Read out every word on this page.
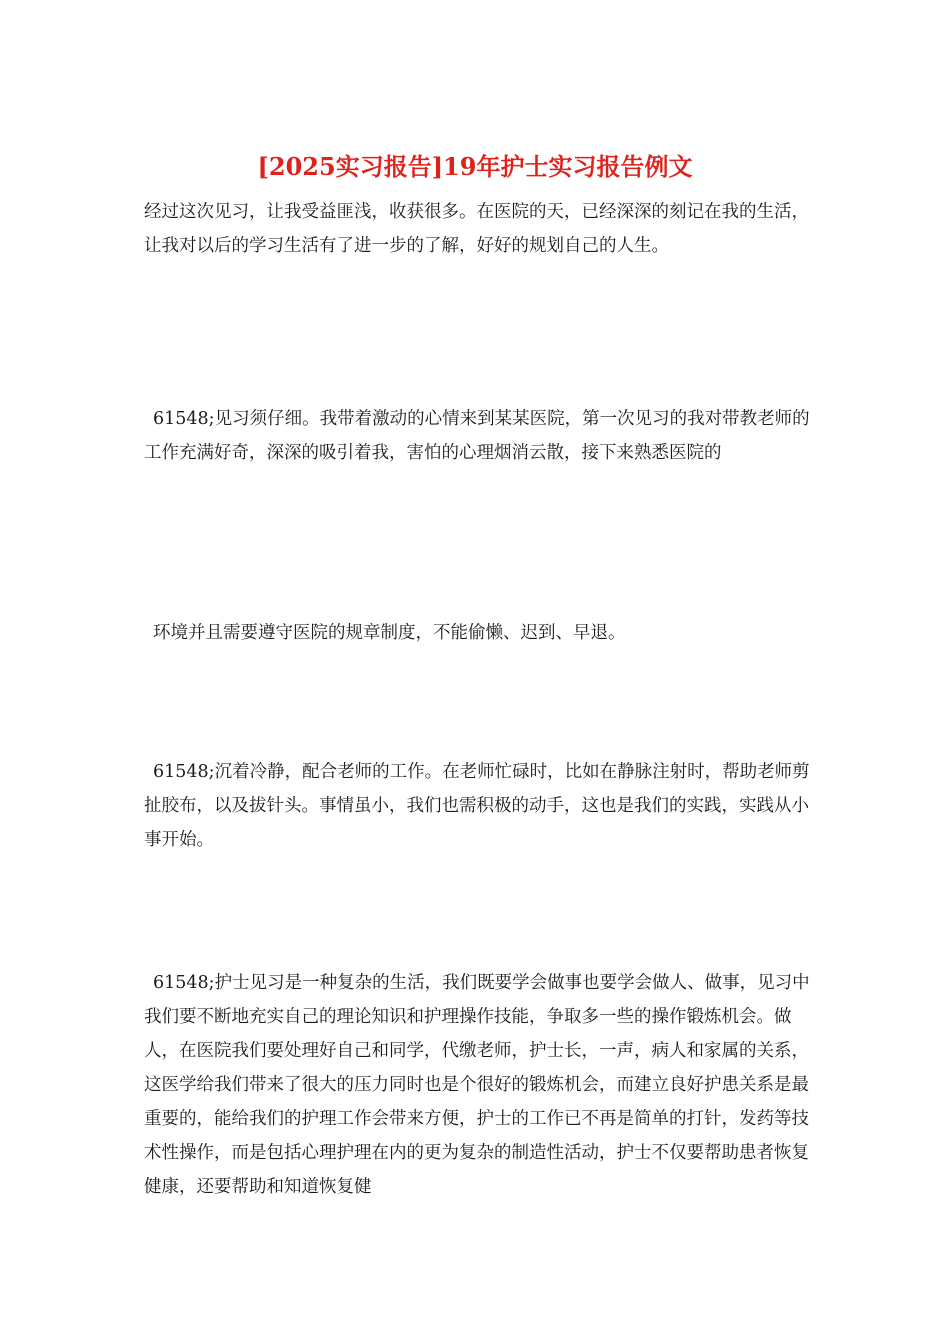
[2025实习报告]19年护士实习报告例文

经过这次见习，让我受益匪浅，收获很多。在医院的天，已经深深的刻记在我的生活，让我对以后的学习生活有了进一步的了解，好好的规划自己的人生。

61548;见习须仔细。我带着激动的心情来到某某医院，第一次见习的我对带教老师的工作充满好奇，深深的吸引着我，害怕的心理烟消云散，接下来熟悉医院的

环境并且需要遵守医院的规章制度，不能偷懒、迟到、早退。

61548;沉着冷静，配合老师的工作。在老师忙碌时，比如在静脉注射时，帮助老师剪扯胶布，以及拔针头。事情虽小，我们也需积极的动手，这也是我们的实践，实践从小事开始。

61548;护士见习是一种复杂的生活，我们既要学会做事也要学会做人、做事，见习中我们要不断地充实自己的理论知识和护理操作技能，争取多一些的操作锻炼机会。做人，在医院我们要处理好自己和同学，代缴老师，护士长，一声，病人和家属的关系，这医学给我们带来了很大的压力同时也是个很好的锻炼机会，而建立良好护患关系是最重要的，能给我们的护理工作会带来方便，护士的工作已不再是简单的打针，发药等技术性操作，而是包括心理护理在内的更为复杂的制造性活动，护士不仅要帮助患者恢复健康，还要帮助和知道恢复健
